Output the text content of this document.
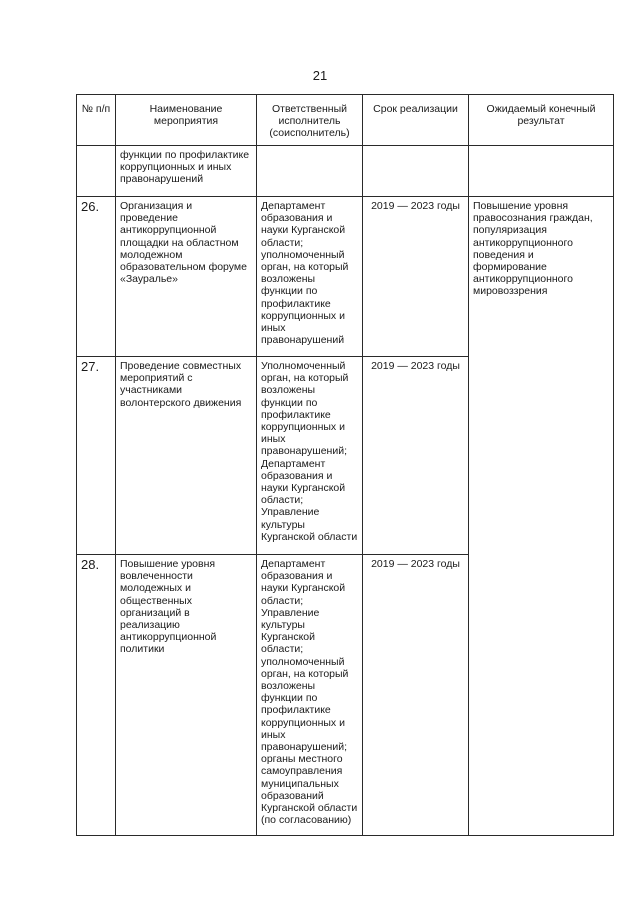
21
№ п/п	Наименование мероприятия	Ответственный исполнитель (соисполнитель)	Срок реализации	Ожидаемый конечный результат
	функции по профилактике коррупционных и иных правонарушений			
26.	Организация и проведение антикоррупционной площадки на областном молодежном образовательном форуме «Зауралье»	Департамент образования и науки Курганской области; уполномоченный орган, на который возложены функции по профилактике коррупционных и иных правонарушений	2019 — 2023 годы	Повышение уровня правосознания граждан, популяризация антикоррупционного поведения и формирование антикоррупционного мировоззрения
27.	Проведение совместных мероприятий с участниками волонтерского движения	Уполномоченный орган, на который возложены функции по профилактике коррупционных и иных правонарушений; Департамент образования и науки Курганской области; Управление культуры Курганской области	2019 — 2023 годы	
28.	Повышение уровня вовлеченности молодежных и общественных организаций в реализацию антикоррупционной политики	Департамент образования и науки Курганской области; Управление культуры Курганской области; уполномоченный орган, на который возложены функции по профилактике коррупционных и иных правонарушений; органы местного самоуправления муниципальных образований Курганской области (по согласованию)	2019 — 2023 годы	
